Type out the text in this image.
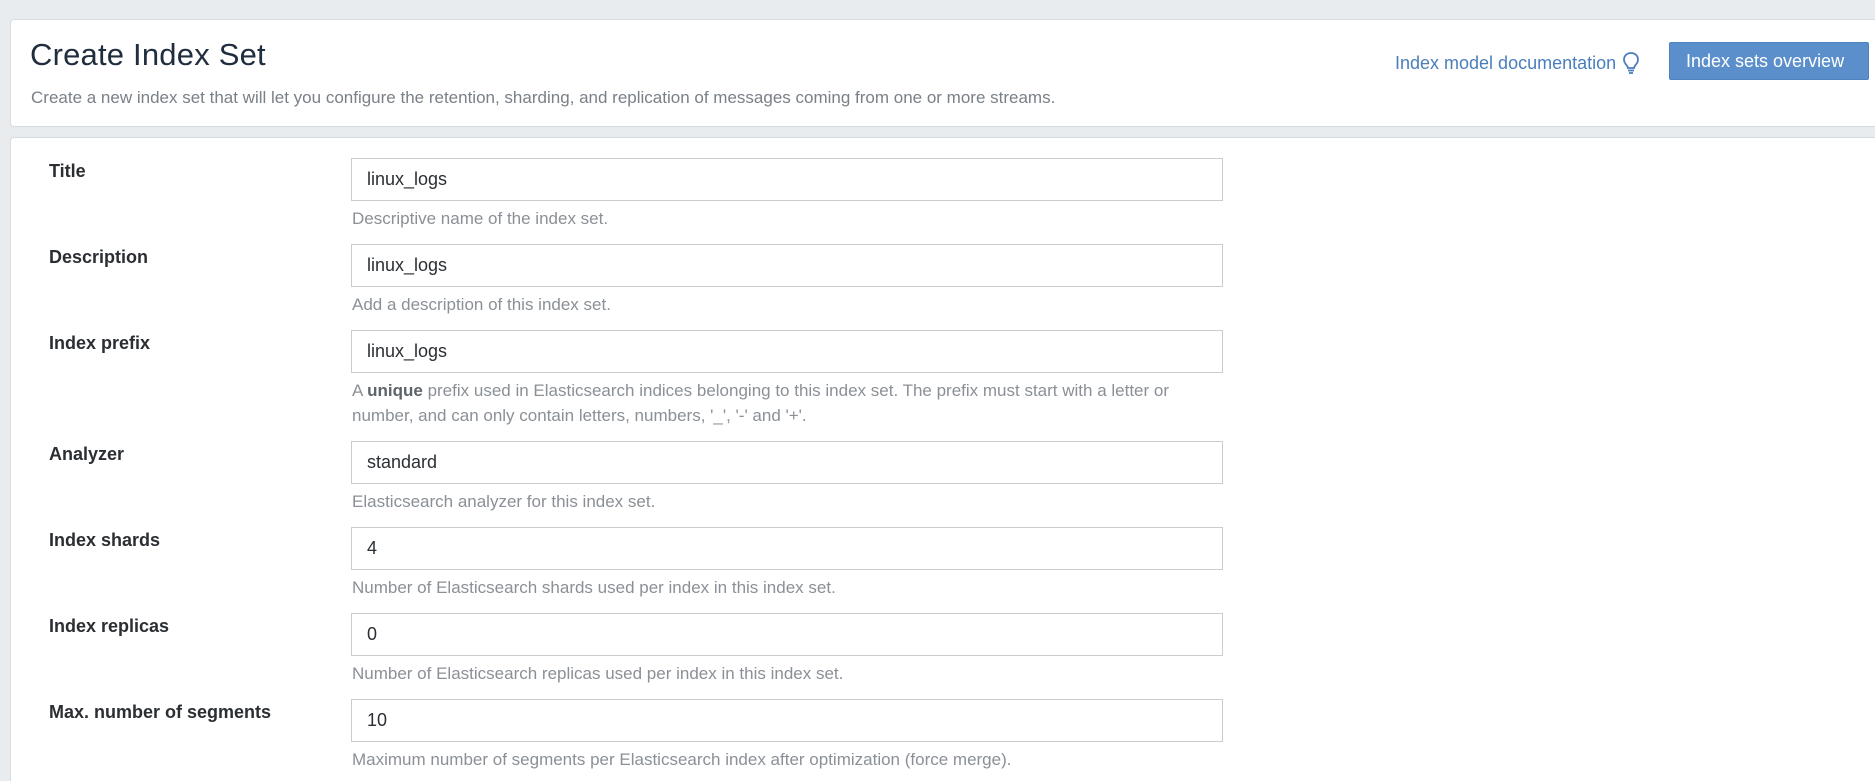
Create Index Set

Create a new index set that will let you configure the retention, sharding, and replication of messages coming from one or more streams.

Index model documentation	Index sets overview
Title
linux_logs

Descriptive name of the index set.

Description
linux_logs

Add a description of this index set.

Index prefix
linux_logs

A unique prefix used in Elasticsearch indices belonging to this index set. The prefix must start with a letter or number, and can only contain letters, numbers, '_', '-' and '+'.

Analyzer
standard

Elasticsearch analyzer for this index set.

Index shards
4

Number of Elasticsearch shards used per index in this index set.

Index replicas
0

Number of Elasticsearch replicas used per index in this index set.

Max. number of segments
10

Maximum number of segments per Elasticsearch index after optimization (force merge).
